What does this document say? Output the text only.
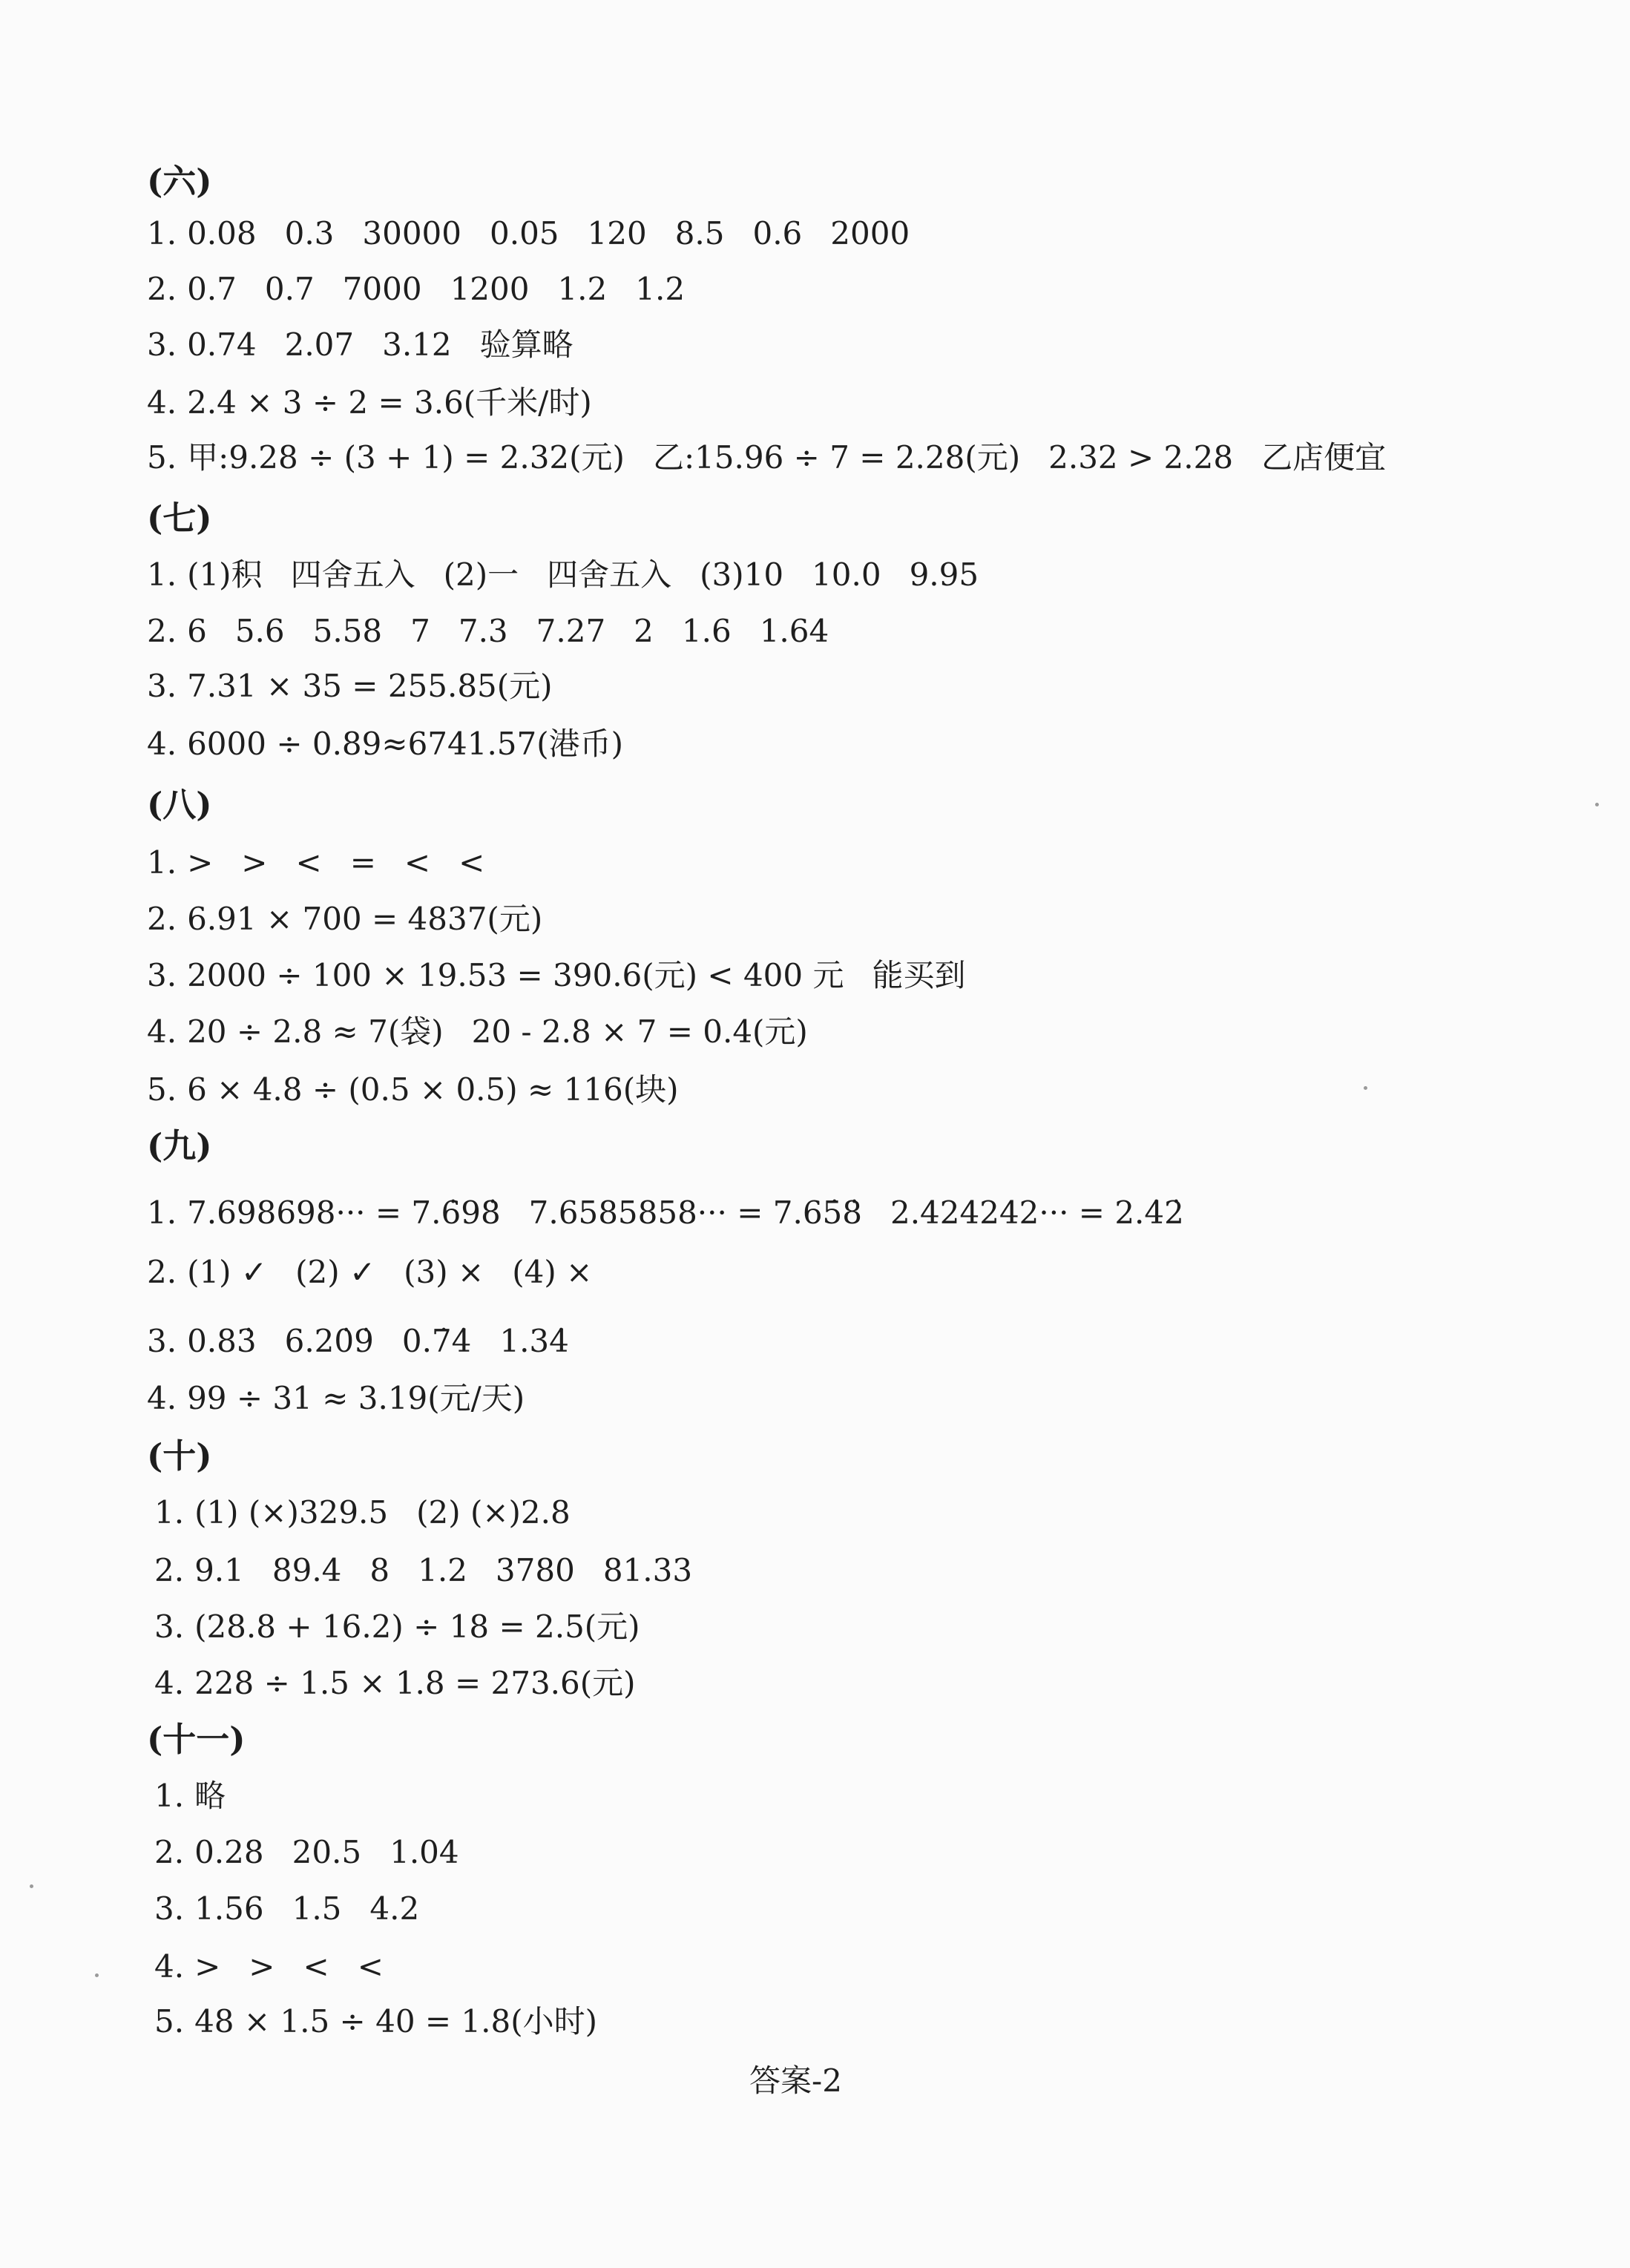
(六)
1. 0.08 0.3 30000 0.05 120 8.5 0.6 2000
2. 0.7 0.7 7000 1200 1.2 1.2
3. 0.74 2.07 3.12 验算略
4. 2.4 × 3 ÷ 2 = 3.6(千米/时)
5. 甲:9.28 ÷ (3 + 1) = 2.32(元) 乙:15.96 ÷ 7 = 2.28(元) 2.32 > 2.28 乙店便宜
(七)
1. (1)积 四舍五入 (2)一 四舍五入 (3)10 10.0 9.95
2. 6 5.6 5.58 7 7.3 7.27 2 1.6 1.64
3. 7.31 × 35 = 255.85(元)
4. 6000 ÷ 0.89≈6741.57(港币)
(八)
1. > > < = < <
2. 6.91 × 700 = 4837(元)
3. 2000 ÷ 100 × 19.53 = 390.6(元) < 400 元 能买到
4. 20 ÷ 2.8 ≈ 7(袋) 20 - 2.8 × 7 = 0.4(元)
5. 6 × 4.8 ÷ (0.5 × 0.5) ≈ 116(块)
(九)
1. 7.698698··· = 7.6̇98̇ 7.6585858··· = 7.65̇8̇ 2.424242··· = 2.4̇2̇
2. (1) ✓ (2) ✓ (3) × (4) ×
3. 0.83̇ 6.20̇9̇ 0.7̇4̇ 1.34̇
4. 99 ÷ 31 ≈ 3.19(元/天)
(十)
1. (1) (×)329.5 (2) (×)2.8
2. 9.1 89.4 8 1.2 3780 81.33
3. (28.8 + 16.2) ÷ 18 = 2.5(元)
4. 228 ÷ 1.5 × 1.8 = 273.6(元)
(十一)
1. 略
2. 0.28 20.5 1.04
3. 1.56 1.5 4.2
4. > > < <
5. 48 × 1.5 ÷ 40 = 1.8(小时)
答案-2
